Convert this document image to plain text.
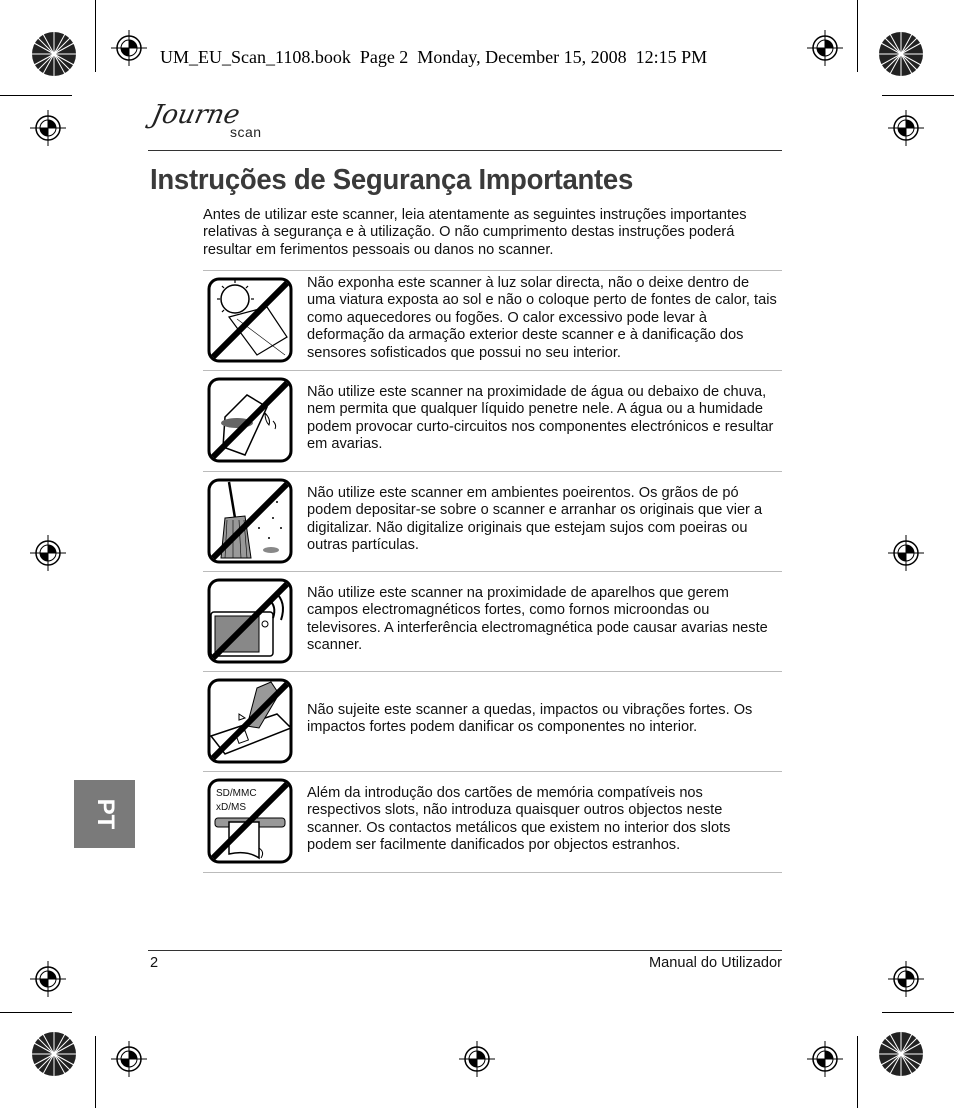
UM_EU_Scan_1108.book  Page 2  Monday, December 15, 2008  12:15 PM
Journe
scan
Instruções de Segurança Importantes
Antes de utilizar este scanner, leia atentamente as seguintes instruções importantes relativas à segurança e à utilização. O não cumprimento destas instruções poderá resultar em ferimentos pessoais ou danos no scanner.
Não exponha este scanner à luz solar directa, não o deixe dentro de uma viatura exposta ao sol e não o coloque perto de fontes de calor, tais como aquecedores ou fogões. O calor excessivo pode levar à deformação da armação exterior deste scanner e à danificação dos sensores sofisticados que possui no seu interior.
Não utilize este scanner na proximidade de água ou debaixo de chuva, nem permita que qualquer líquido penetre nele. A água ou a humidade podem provocar curto-circuitos nos componentes electrónicos e resultar em avarias.
Não utilize este scanner em ambientes poeirentos. Os grãos de pó podem depositar-se sobre o scanner e arranhar os originais que vier a digitalizar. Não digitalize originais que estejam sujos com poeiras ou outras partículas.
Não utilize este scanner na proximidade de aparelhos que gerem campos electromagnéticos fortes, como fornos microondas ou televisores. A interferência electromagnética pode causar avarias neste scanner.
Não sujeite este scanner a quedas, impactos ou vibrações fortes. Os impactos fortes podem danificar os componentes no interior.
SD/MMC
xD/MS
Além da introdução dos cartões de memória compatíveis nos respectivos slots, não introduza quaisquer outros objectos neste scanner. Os contactos metálicos que existem no interior dos slots podem ser facilmente danificados por objectos estranhos.
PT
2	Manual do Utilizador
